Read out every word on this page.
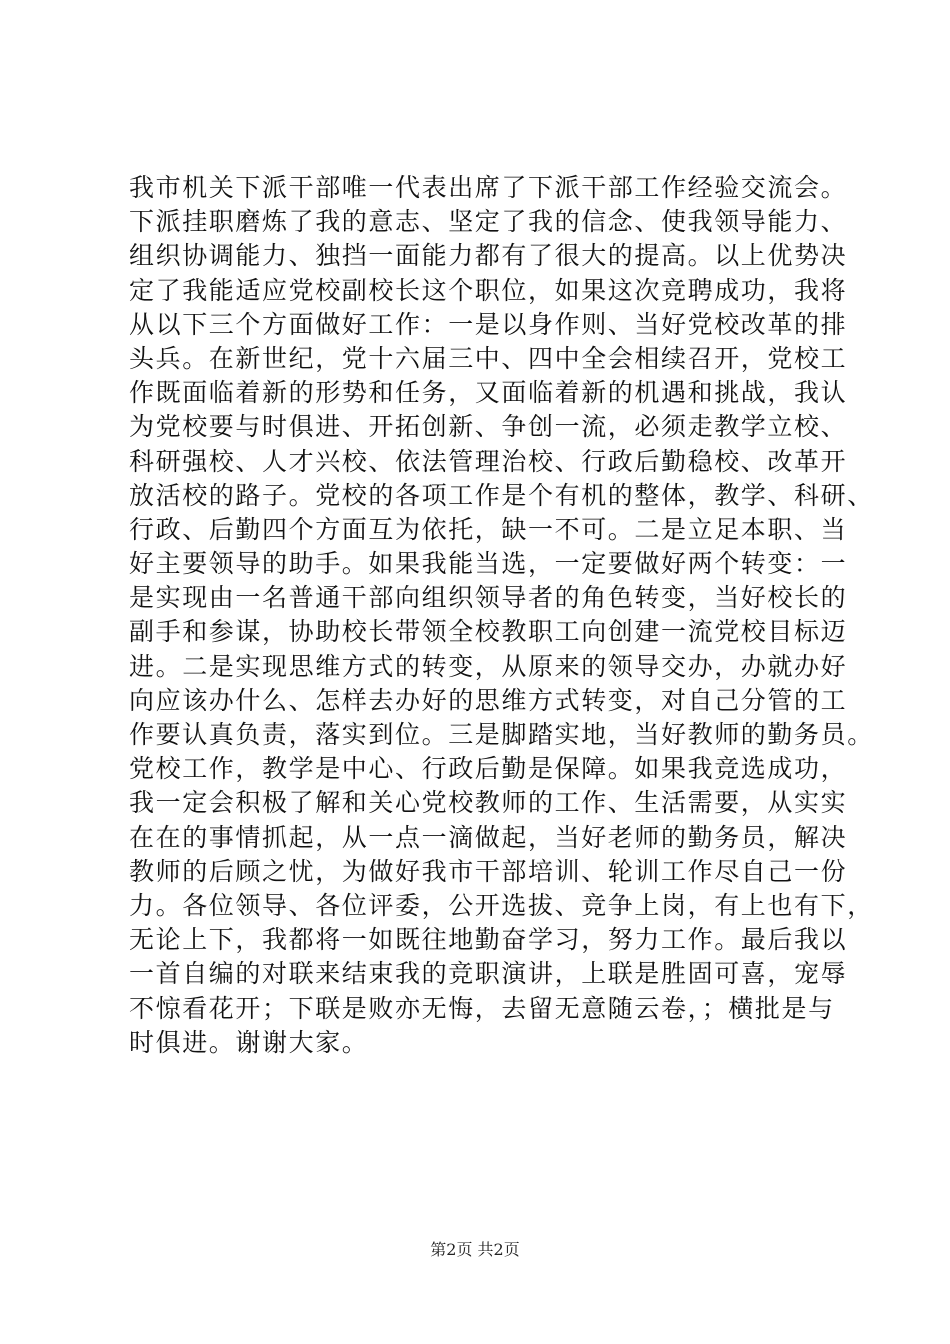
我市机关下派干部唯一代表出席了下派干部工作经验交流会。
下派挂职磨炼了我的意志、坚定了我的信念、使我领导能力、
组织协调能力、独挡一面能力都有了很大的提高。以上优势决
定了我能适应党校副校长这个职位，如果这次竞聘成功，我将
从以下三个方面做好工作：一是以身作则、当好党校改革的排
头兵。在新世纪，党十六届三中、四中全会相续召开，党校工
作既面临着新的形势和任务，又面临着新的机遇和挑战，我认
为党校要与时俱进、开拓创新、争创一流，必须走教学立校、
科研强校、人才兴校、依法管理治校、行政后勤稳校、改革开
放活校的路子。党校的各项工作是个有机的整体，教学、科研、
行政、后勤四个方面互为依托，缺一不可。二是立足本职、当
好主要领导的助手。如果我能当选，一定要做好两个转变：一
是实现由一名普通干部向组织领导者的角色转变，当好校长的
副手和参谋，协助校长带领全校教职工向创建一流党校目标迈
进。二是实现思维方式的转变，从原来的领导交办，办就办好
向应该办什么、怎样去办好的思维方式转变，对自己分管的工
作要认真负责，落实到位。三是脚踏实地，当好教师的勤务员。
党校工作，教学是中心、行政后勤是保障。如果我竞选成功，
我一定会积极了解和关心党校教师的工作、生活需要，从实实
在在的事情抓起，从一点一滴做起，当好老师的勤务员，解决
教师的后顾之忧，为做好我市干部培训、轮训工作尽自己一份
力。各位领导、各位评委，公开选拔、竞争上岗，有上也有下，
无论上下，我都将一如既往地勤奋学习，努力工作。最后我以
一首自编的对联来结束我的竞职演讲，上联是胜固可喜，宠辱
不惊看花开；下联是败亦无悔，去留无意随云卷，；横批是与
时俱进。谢谢大家。
第2页 共2页
